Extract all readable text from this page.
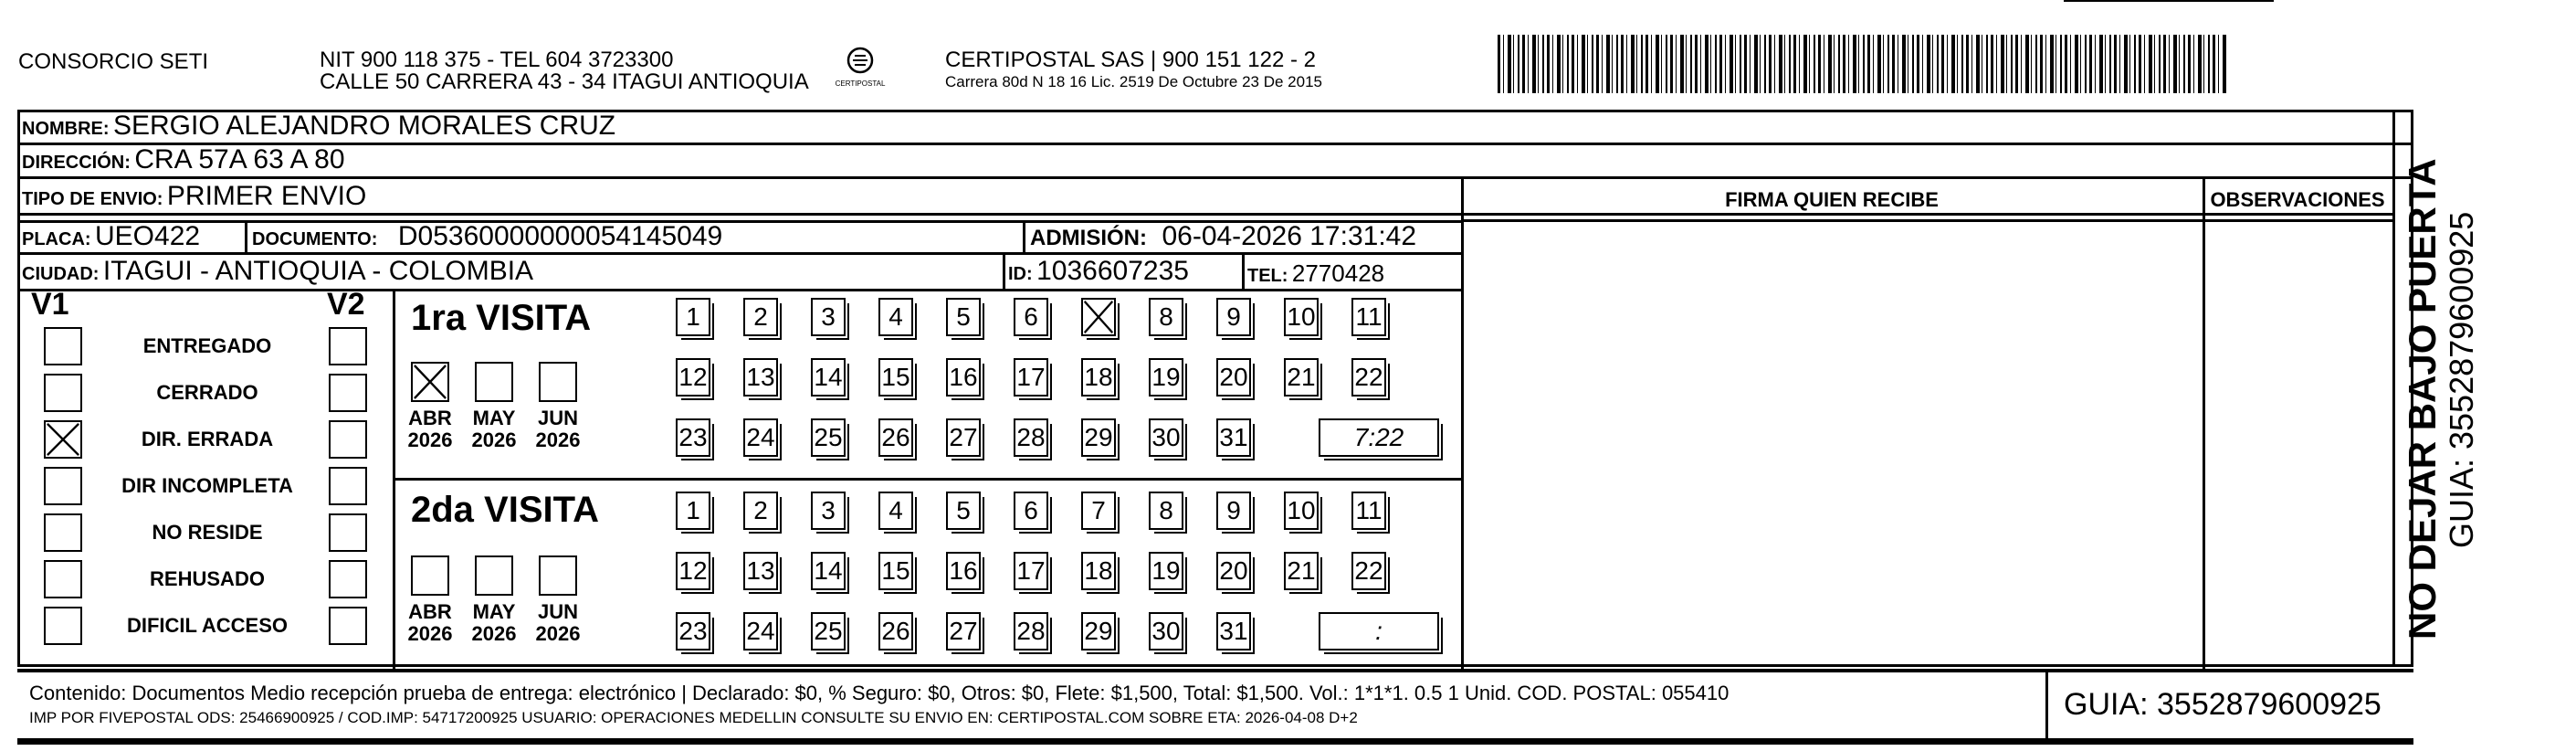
CONSORCIO SETI	NIT 900 118 375 - TEL 604 3723300
CALLE 50 CARRERA 43 - 34 ITAGUI ANTIOQUIA	CERTIPOSTAL
CERTIPOSTAL SAS | 900 151 122 - 2
Carrera 80d N 18 16 Lic. 2519 De Octubre 23 De 2015
NOMBRE: SERGIO ALEJANDRO MORALES CRUZ
DIRECCIÓN: CRA 57A 63 A 80
TIPO DE ENVIO: PRIMER ENVIO
PLACA: UEO422	DOCUMENTO: D05360000000054145049	ADMISIÓN: 06-04-2026 17:31:42
CIUDAD: ITAGUI - ANTIOQUIA - COLOMBIA	ID: 1036607235	TEL: 2770428
FIRMA QUIEN RECIBE	OBSERVACIONES
V1	V2
ENTREGADO
CERRADO
DIR. ERRADA
DIR INCOMPLETA
NO RESIDE
REHUSADO
DIFICIL ACCESO
1ra VISITA
2da VISITA
ABR
2026
MAY
2026
JUN
2026
1	2	3	4	5	6	8	9	10 11
12 13 14 15 16 17 18 19 20 21 22
23 24 25 26 27 28 29 30 31	7:22
ABR
2026
MAY
2026
JUN
2026
1	2	3	4	5	6	7	8	9	10 11
12 13 14 15 16 17 18 19 20 21 22
23 24 25 26 27 28 29 30 31	:
Contenido: Documentos Medio recepción prueba de entrega: electrónico | Declarado: $0, % Seguro: $0, Otros: $0, Flete: $1,500, Total: $1,500. Vol.: 1*1*1. 0.5 1 Unid. COD. POSTAL: 055410
IMP POR FIVEPOSTAL ODS: 25466900925 / COD.IMP: 54717200925 USUARIO: OPERACIONES MEDELLIN CONSULTE SU ENVIO EN: CERTIPOSTAL.COM SOBRE ETA: 2026-04-08 D+2	GUIA: 3552879600925
NO DEJAR BAJO PUERTA GUIA: 3552879600925
